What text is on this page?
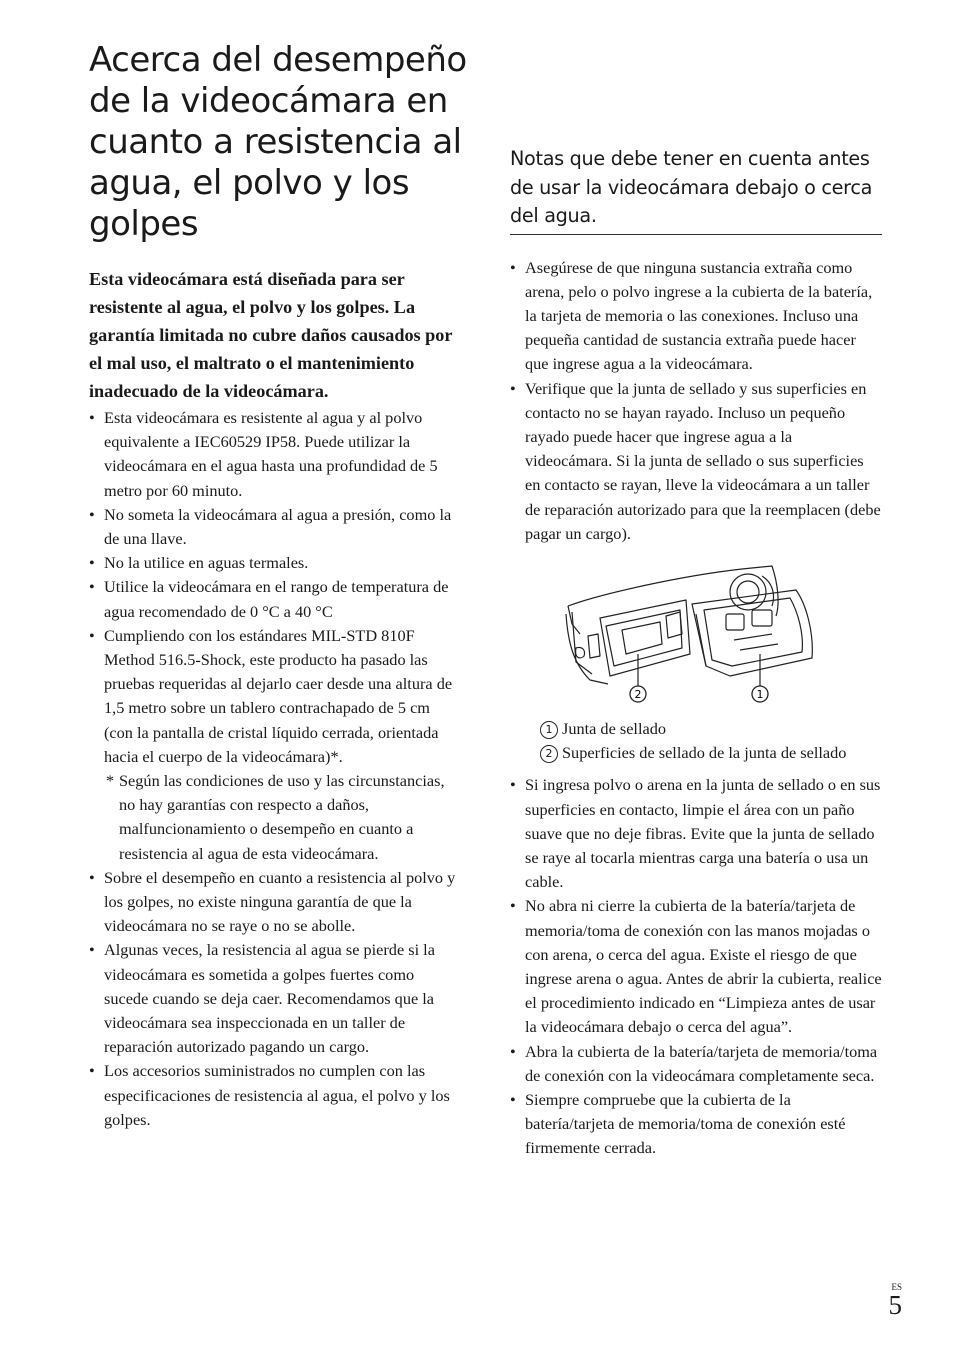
Acerca del desempeño de la videocámara en cuanto a resistencia al agua, el polvo y los golpes

Esta videocámara está diseñada para ser resistente al agua, el polvo y los golpes. La garantía limitada no cubre daños causados por el mal uso, el maltrato o el mantenimiento inadecuado de la videocámara.

• Esta videocámara es resistente al agua y al polvo equivalente a IEC60529 IP58. Puede utilizar la videocámara en el agua hasta una profundidad de 5 metro por 60 minuto.
• No someta la videocámara al agua a presión, como la de una llave.
• No la utilice en aguas termales.
• Utilice la videocámara en el rango de temperatura de agua recomendado de 0 °C a 40 °C
• Cumpliendo con los estándares MIL-STD 810F Method 516.5-Shock, este producto ha pasado las pruebas requeridas al dejarlo caer desde una altura de 1,5 metro sobre un tablero contrachapado de 5 cm (con la pantalla de cristal líquido cerrada, orientada hacia el cuerpo de la videocámara)*.

* Según las condiciones de uso y las circunstancias, no hay garantías con respecto a daños, malfuncionamiento o desempeño en cuanto a resistencia al agua de esta videocámara.

• Sobre el desempeño en cuanto a resistencia al polvo y los golpes, no existe ninguna garantía de que la videocámara no se raye o no se abolle.
• Algunas veces, la resistencia al agua se pierde si la videocámara es sometida a golpes fuertes como sucede cuando se deja caer. Recomendamos que la videocámara sea inspeccionada en un taller de reparación autorizado pagando un cargo.
• Los accesorios suministrados no cumplen con las especificaciones de resistencia al agua, el polvo y los golpes.
Notas que debe tener en cuenta antes de usar la videocámara debajo o cerca del agua.
• Asegúrese de que ninguna sustancia extraña como arena, pelo o polvo ingrese a la cubierta de la batería, la tarjeta de memoria o las conexiones. Incluso una pequeña cantidad de sustancia extraña puede hacer que ingrese agua a la videocámara.
• Verifique que la junta de sellado y sus superficies en contacto no se hayan rayado. Incluso un pequeño rayado puede hacer que ingrese agua a la videocámara. Si la junta de sellado o sus superficies en contacto se rayan, lleve la videocámara a un taller de reparación autorizado para que la reemplacen (debe pagar un cargo).
2	1

1 Junta de sellado

2 Superficies de sellado de la junta de sellado

• Si ingresa polvo o arena en la junta de sellado o en sus superficies en contacto, limpie el área con un paño suave que no deje fibras. Evite que la junta de sellado se raye al tocarla mientras carga una batería o usa un cable.
• No abra ni cierre la cubierta de la batería/tarjeta de memoria/toma de conexión con las manos mojadas o con arena, o cerca del agua. Existe el riesgo de que ingrese arena o agua. Antes de abrir la cubierta, realice el procedimiento indicado en “Limpieza antes de usar la videocámara debajo o cerca del agua”.
• Abra la cubierta de la batería/tarjeta de memoria/toma de conexión con la videocámara completamente seca.
• Siempre compruebe que la cubierta de la batería/tarjeta de memoria/toma de conexión esté firmemente cerrada.
ES
5
